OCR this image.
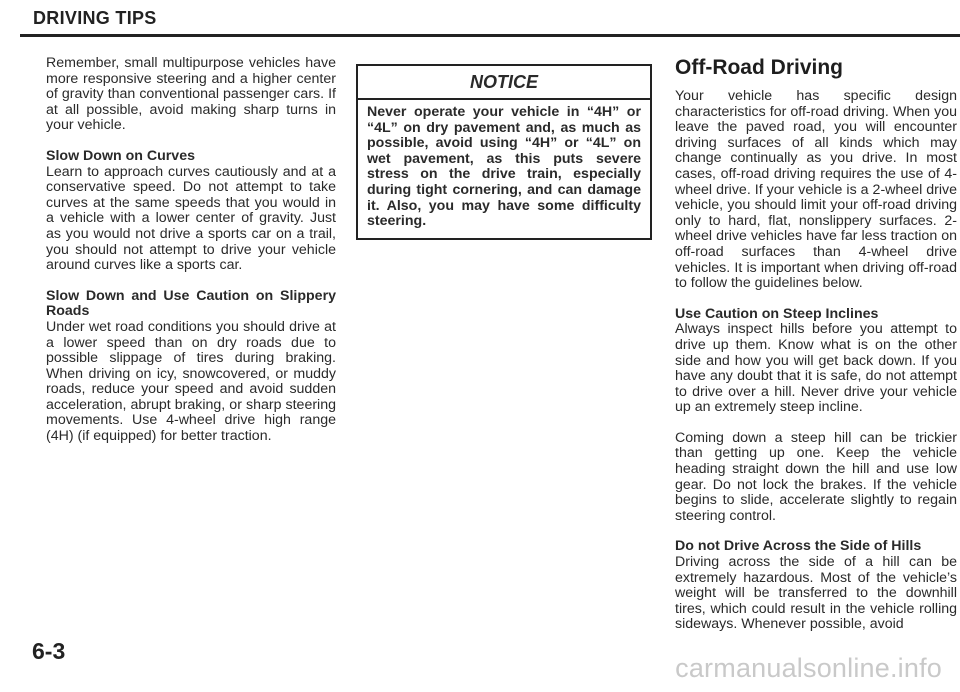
DRIVING TIPS

Remember, small multipurpose vehicles have more responsive steering and a higher center of gravity than conventional passenger cars. If at all possible, avoid making sharp turns in your vehicle.

Slow Down on Curves

Learn to approach curves cautiously and at a conservative speed. Do not attempt to take curves at the same speeds that you would in a vehicle with a lower center of gravity. Just as you would not drive a sports car on a trail, you should not attempt to drive your vehicle around curves like a sports car.

Slow Down and Use Caution on Slippery Roads

Under wet road conditions you should drive at a lower speed than on dry roads due to possible slippage of tires during braking. When driving on icy, snowcovered, or muddy roads, reduce your speed and avoid sudden acceleration, abrupt braking, or sharp steering movements. Use 4-wheel drive high range (4H) (if equipped) for better traction.

NOTICE
Never operate your vehicle in “4H” or “4L” on dry pavement and, as much as possible, avoid using “4H” or “4L” on wet pavement, as this puts severe stress on the drive train, especially during tight cornering, and can damage it. Also, you may have some difficulty steering.
Off-Road Driving

Your vehicle has specific design characteristics for off-road driving. When you leave the paved road, you will encounter driving surfaces of all kinds which may change continually as you drive. In most cases, off-road driving requires the use of 4-wheel drive. If your vehicle is a 2-wheel drive vehicle, you should limit your off-road driving only to hard, flat, nonslippery surfaces. 2-wheel drive vehicles have far less traction on off-road surfaces than 4-wheel drive vehicles. It is important when driving off-road to follow the guidelines below.

Use Caution on Steep Inclines

Always inspect hills before you attempt to drive up them. Know what is on the other side and how you will get back down. If you have any doubt that it is safe, do not attempt to drive over a hill. Never drive your vehicle up an extremely steep incline.

Coming down a steep hill can be trickier than getting up one. Keep the vehicle heading straight down the hill and use low gear. Do not lock the brakes. If the vehicle begins to slide, accelerate slightly to regain steering control.

Do not Drive Across the Side of Hills

Driving across the side of a hill can be extremely hazardous. Most of the vehicle’s weight will be transferred to the downhill tires, which could result in the vehicle rolling sideways. Whenever possible, avoid

6-3
carmanualsonline.info
